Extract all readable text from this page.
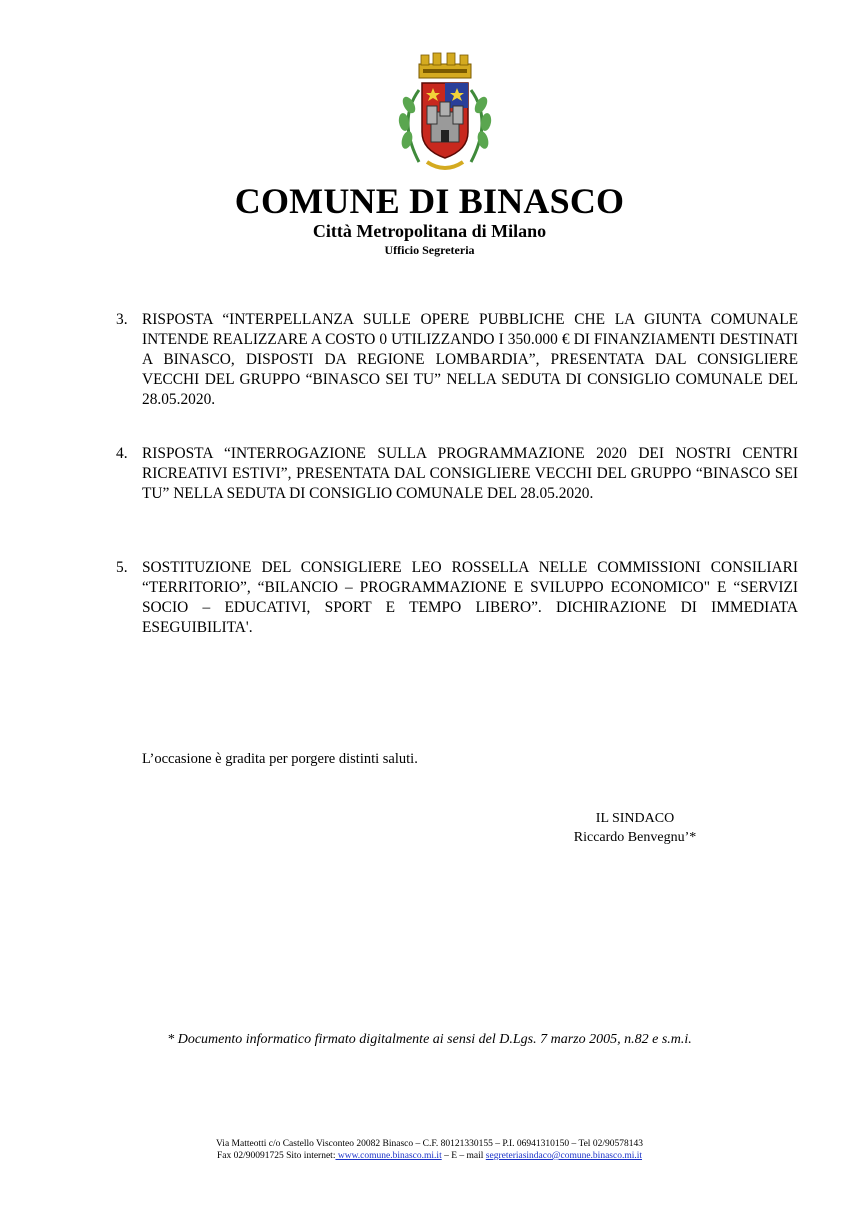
COMUNE DI BINASCO
Città Metropolitana di Milano
Ufficio Segreteria
3. RISPOSTA “INTERPELLANZA SULLE OPERE PUBBLICHE CHE LA GIUNTA COMUNALE INTENDE REALIZZARE A COSTO 0 UTILIZZANDO I 350.000 € DI FINANZIAMENTI DESTINATI A BINASCO, DISPOSTI DA REGIONE LOMBARDIA”, PRESENTATA DAL CONSIGLIERE VECCHI DEL GRUPPO “BINASCO SEI TU” NELLA SEDUTA DI CONSIGLIO COMUNALE DEL 28.05.2020.
4. RISPOSTA “INTERROGAZIONE SULLA PROGRAMMAZIONE 2020 DEI NOSTRI CENTRI RICREATIVI ESTIVI”, PRESENTATA DAL CONSIGLIERE VECCHI DEL GRUPPO “BINASCO SEI TU” NELLA SEDUTA DI CONSIGLIO COMUNALE DEL 28.05.2020.
5. SOSTITUZIONE DEL CONSIGLIERE LEO ROSSELLA NELLE COMMISSIONI CONSILIARI “TERRITORIO”, “BILANCIO – PROGRAMMAZIONE E SVILUPPO ECONOMICO" E “SERVIZI SOCIO – EDUCATIVI, SPORT E TEMPO LIBERO”. DICHIRAZIONE DI IMMEDIATA ESEGUIBILITA'.
L’occasione è gradita per porgere distinti saluti.
IL SINDACO
Riccardo Benvegnu’*
* Documento informatico firmato digitalmente ai sensi del D.Lgs. 7 marzo 2005, n.82 e s.m.i.
Via Matteotti c/o Castello Visconteo 20082 Binasco – C.F. 80121330155 – P.I. 06941310150 – Tel 02/90578143
Fax 02/90091725 Sito internet: www.comune.binasco.mi.it – E – mail segreteriasindaco@comune.binasco.mi.it
